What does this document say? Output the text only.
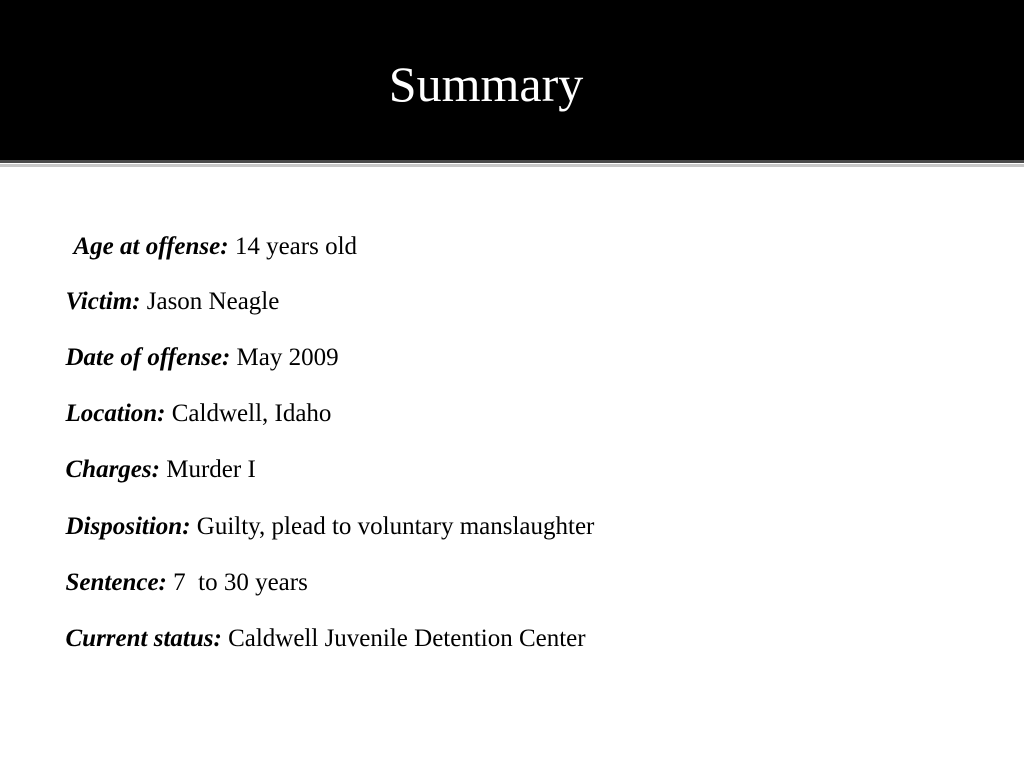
Summary

Age at offense: 14 years old

Victim: Jason Neagle

Date of offense: May 2009

Location: Caldwell, Idaho

Charges: Murder I

Disposition: Guilty, plead to voluntary manslaughter

Sentence: 7  to 30 years

Current status: Caldwell Juvenile Detention Center
